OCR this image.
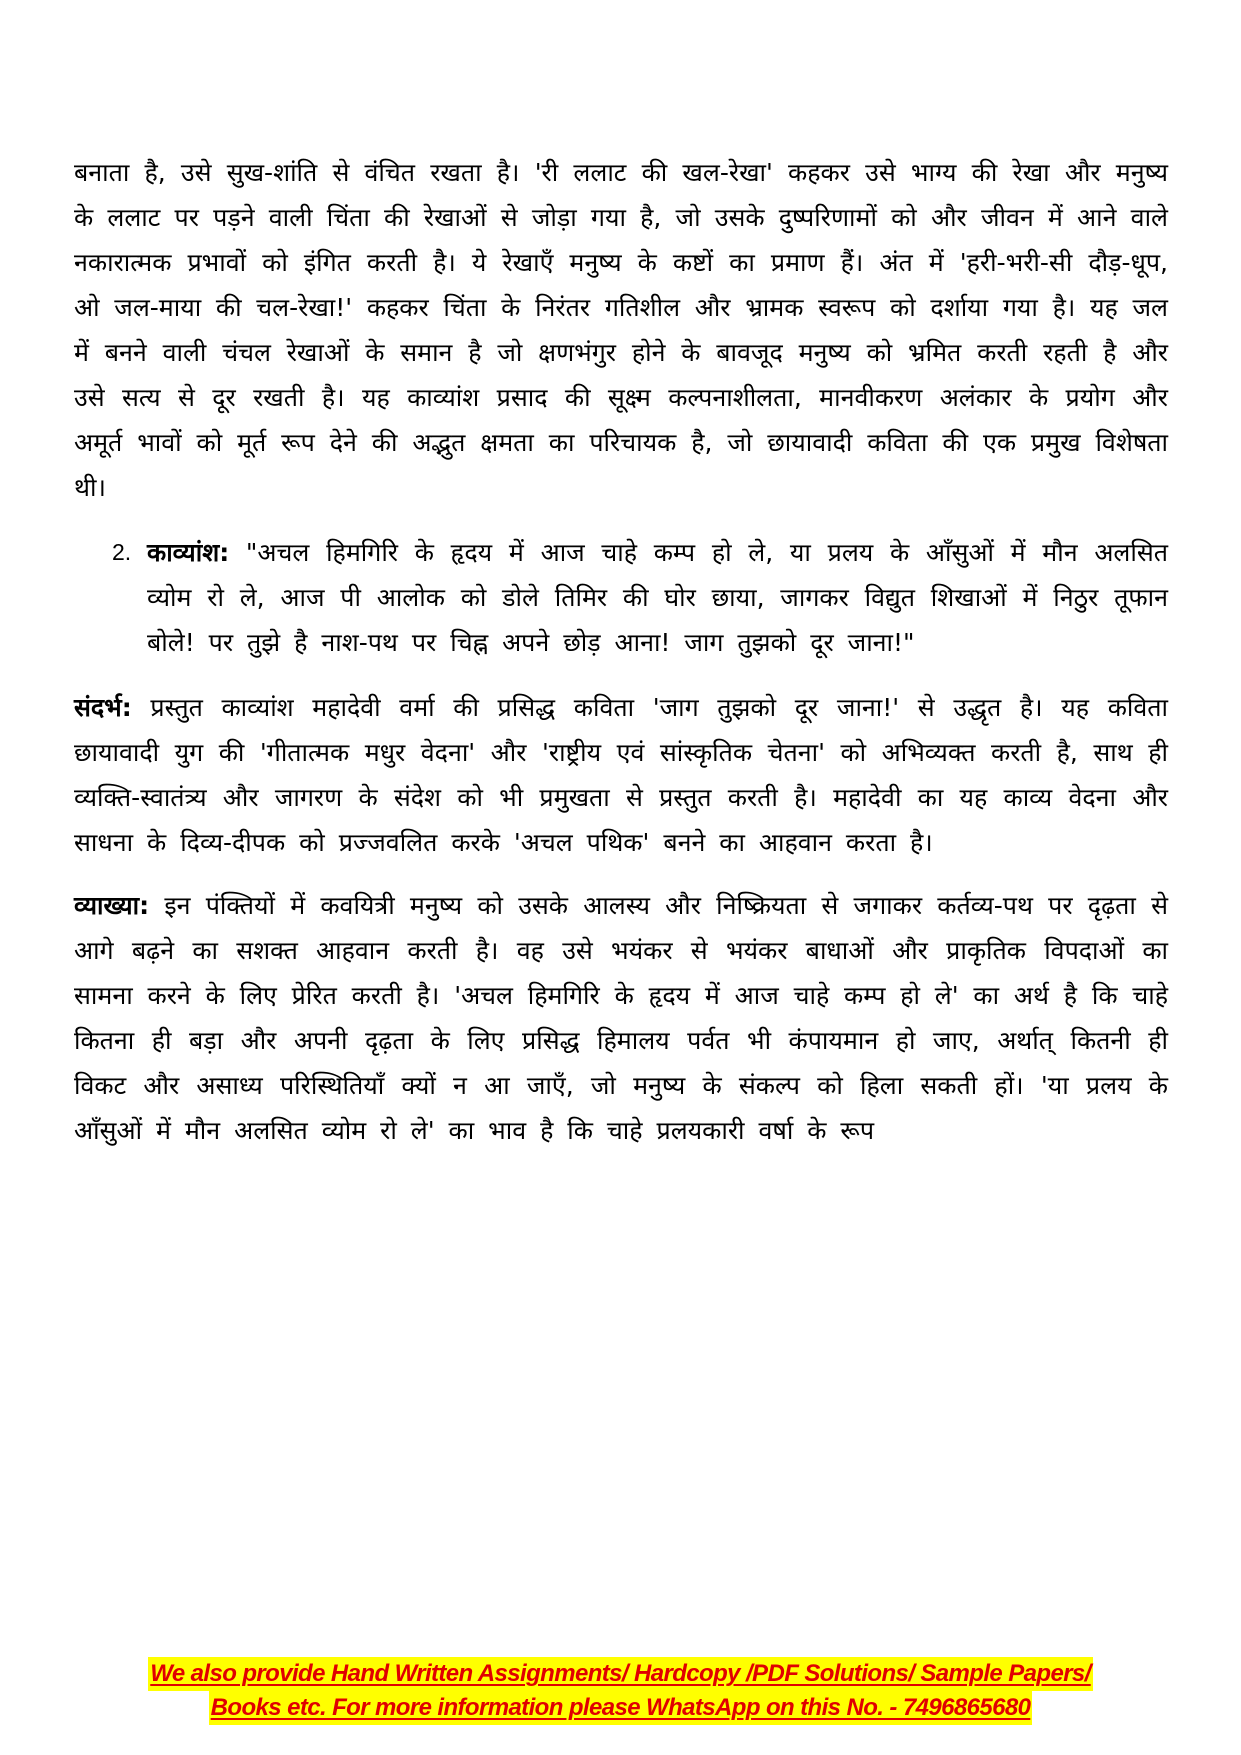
बनाता है, उसे सुख-शांति से वंचित रखता है। 'री ललाट की खल-रेखा' कहकर उसे भाग्य की रेखा और मनुष्य के ललाट पर पड़ने वाली चिंता की रेखाओं से जोड़ा गया है, जो उसके दुष्परिणामों को और जीवन में आने वाले नकारात्मक प्रभावों को इंगित करती है। ये रेखाएँ मनुष्य के कष्टों का प्रमाण हैं। अंत में 'हरी-भरी-सी दौड़-धूप, ओ जल-माया की चल-रेखा!' कहकर चिंता के निरंतर गतिशील और भ्रामक स्वरूप को दर्शाया गया है। यह जल में बनने वाली चंचल रेखाओं के समान है जो क्षणभंगुर होने के बावजूद मनुष्य को भ्रमित करती रहती है और उसे सत्य से दूर रखती है। यह काव्यांश प्रसाद की सूक्ष्म कल्पनाशीलता, मानवीकरण अलंकार के प्रयोग और अमूर्त भावों को मूर्त रूप देने की अद्भुत क्षमता का परिचायक है, जो छायावादी कविता की एक प्रमुख विशेषता थी।

2. काव्यांश: "अचल हिमगिरि के हृदय में आज चाहे कम्प हो ले, या प्रलय के आँसुओं में मौन अलसित व्योम रो ले, आज पी आलोक को डोले तिमिर की घोर छाया, जागकर विद्युत शिखाओं में निठुर तूफान बोले! पर तुझे है नाश-पथ पर चिह्न अपने छोड़ आना! जाग तुझको दूर जाना!"

संदर्भ: प्रस्तुत काव्यांश महादेवी वर्मा की प्रसिद्ध कविता 'जाग तुझको दूर जाना!' से उद्धृत है। यह कविता छायावादी युग की 'गीतात्मक मधुर वेदना' और 'राष्ट्रीय एवं सांस्कृतिक चेतना' को अभिव्यक्त करती है, साथ ही व्यक्ति-स्वातंत्र्य और जागरण के संदेश को भी प्रमुखता से प्रस्तुत करती है। महादेवी का यह काव्य वेदना और साधना के दिव्य-दीपक को प्रज्जवलित करके 'अचल पथिक' बनने का आहवान करता है।

व्याख्या: इन पंक्तियों में कवयित्री मनुष्य को उसके आलस्य और निष्क्रियता से जगाकर कर्तव्य-पथ पर दृढ़ता से आगे बढ़ने का सशक्त आहवान करती है। वह उसे भयंकर से भयंकर बाधाओं और प्राकृतिक विपदाओं का सामना करने के लिए प्रेरित करती है। 'अचल हिमगिरि के हृदय में आज चाहे कम्प हो ले' का अर्थ है कि चाहे कितना ही बड़ा और अपनी दृढ़ता के लिए प्रसिद्ध हिमालय पर्वत भी कंपायमान हो जाए, अर्थात् कितनी ही विकट और असाध्य परिस्थितियाँ क्यों न आ जाएँ, जो मनुष्य के संकल्प को हिला सकती हों। 'या प्रलय के आँसुओं में मौन अलसित व्योम रो ले' का भाव है कि चाहे प्रलयकारी वर्षा के रूप

We also provide Hand Written Assignments/ Hardcopy /PDF Solutions/ Sample Papers/
Books etc. For more information please WhatsApp on this No. - 7496865680
